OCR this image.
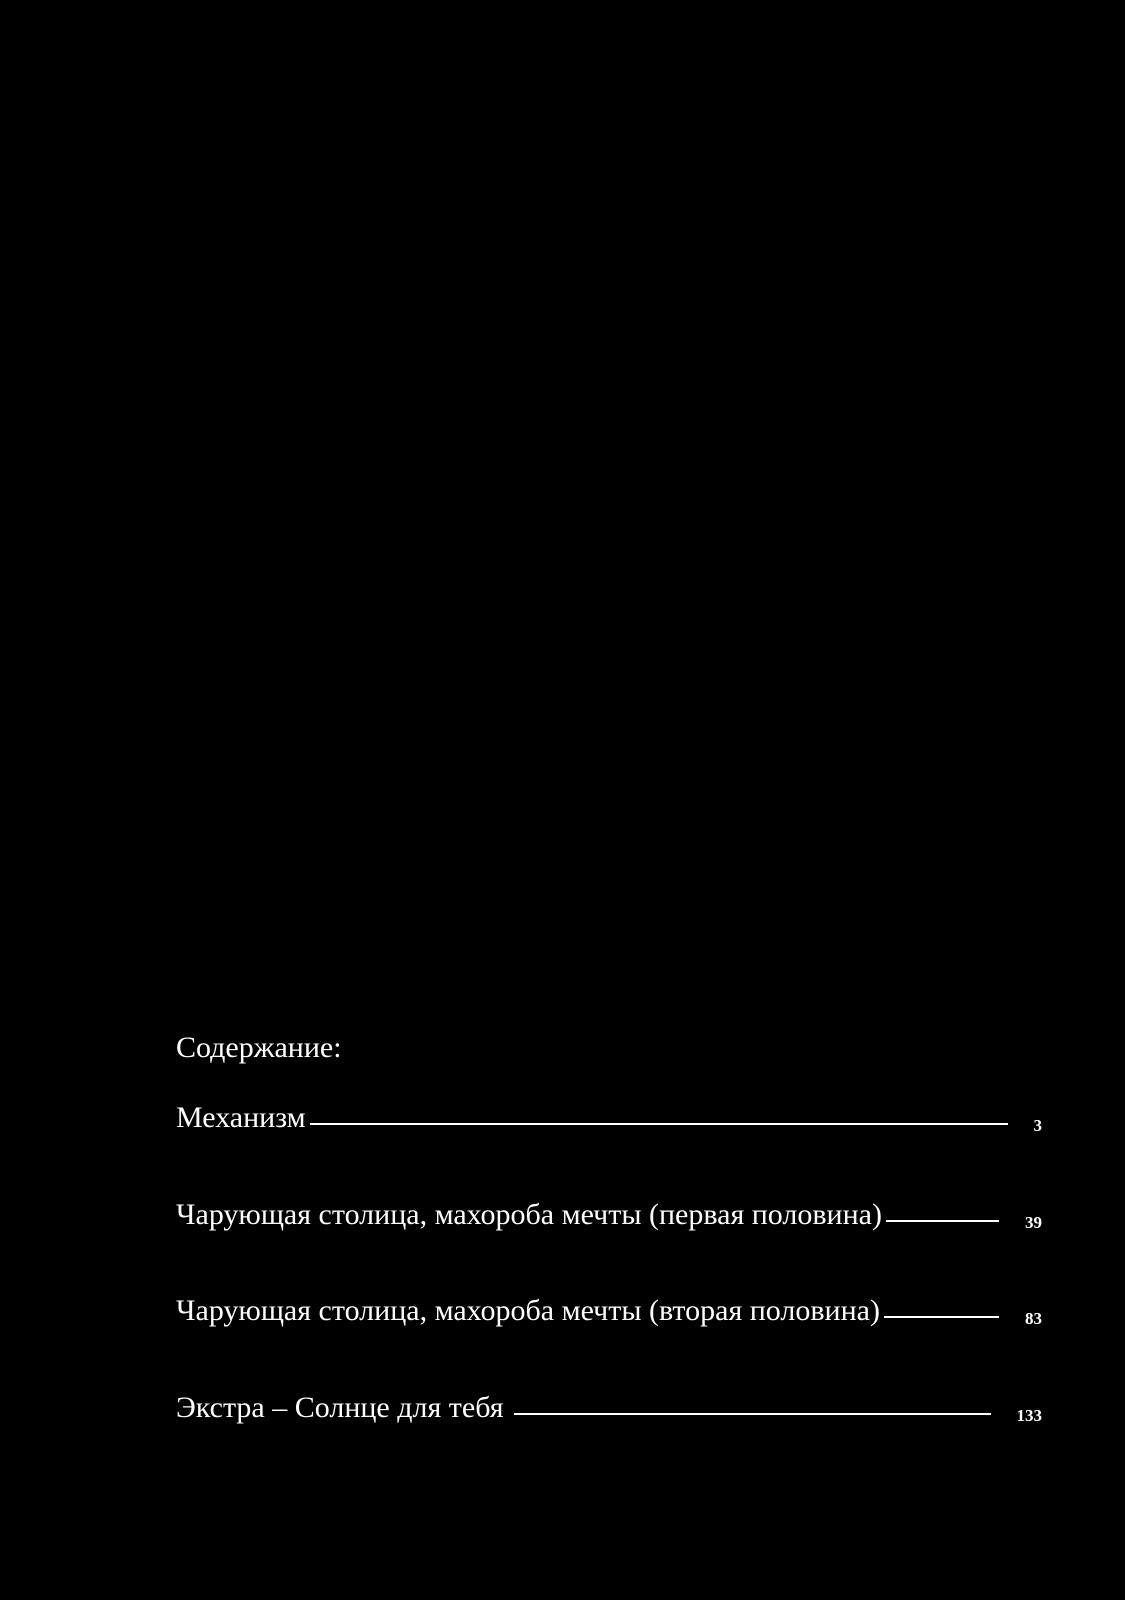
Содержание:
Механизм	3
Чарующая столица, махороба мечты (первая половина)	39
Чарующая столица, махороба мечты (вторая половина)	83
Экстра – Солнце для тебя	133
